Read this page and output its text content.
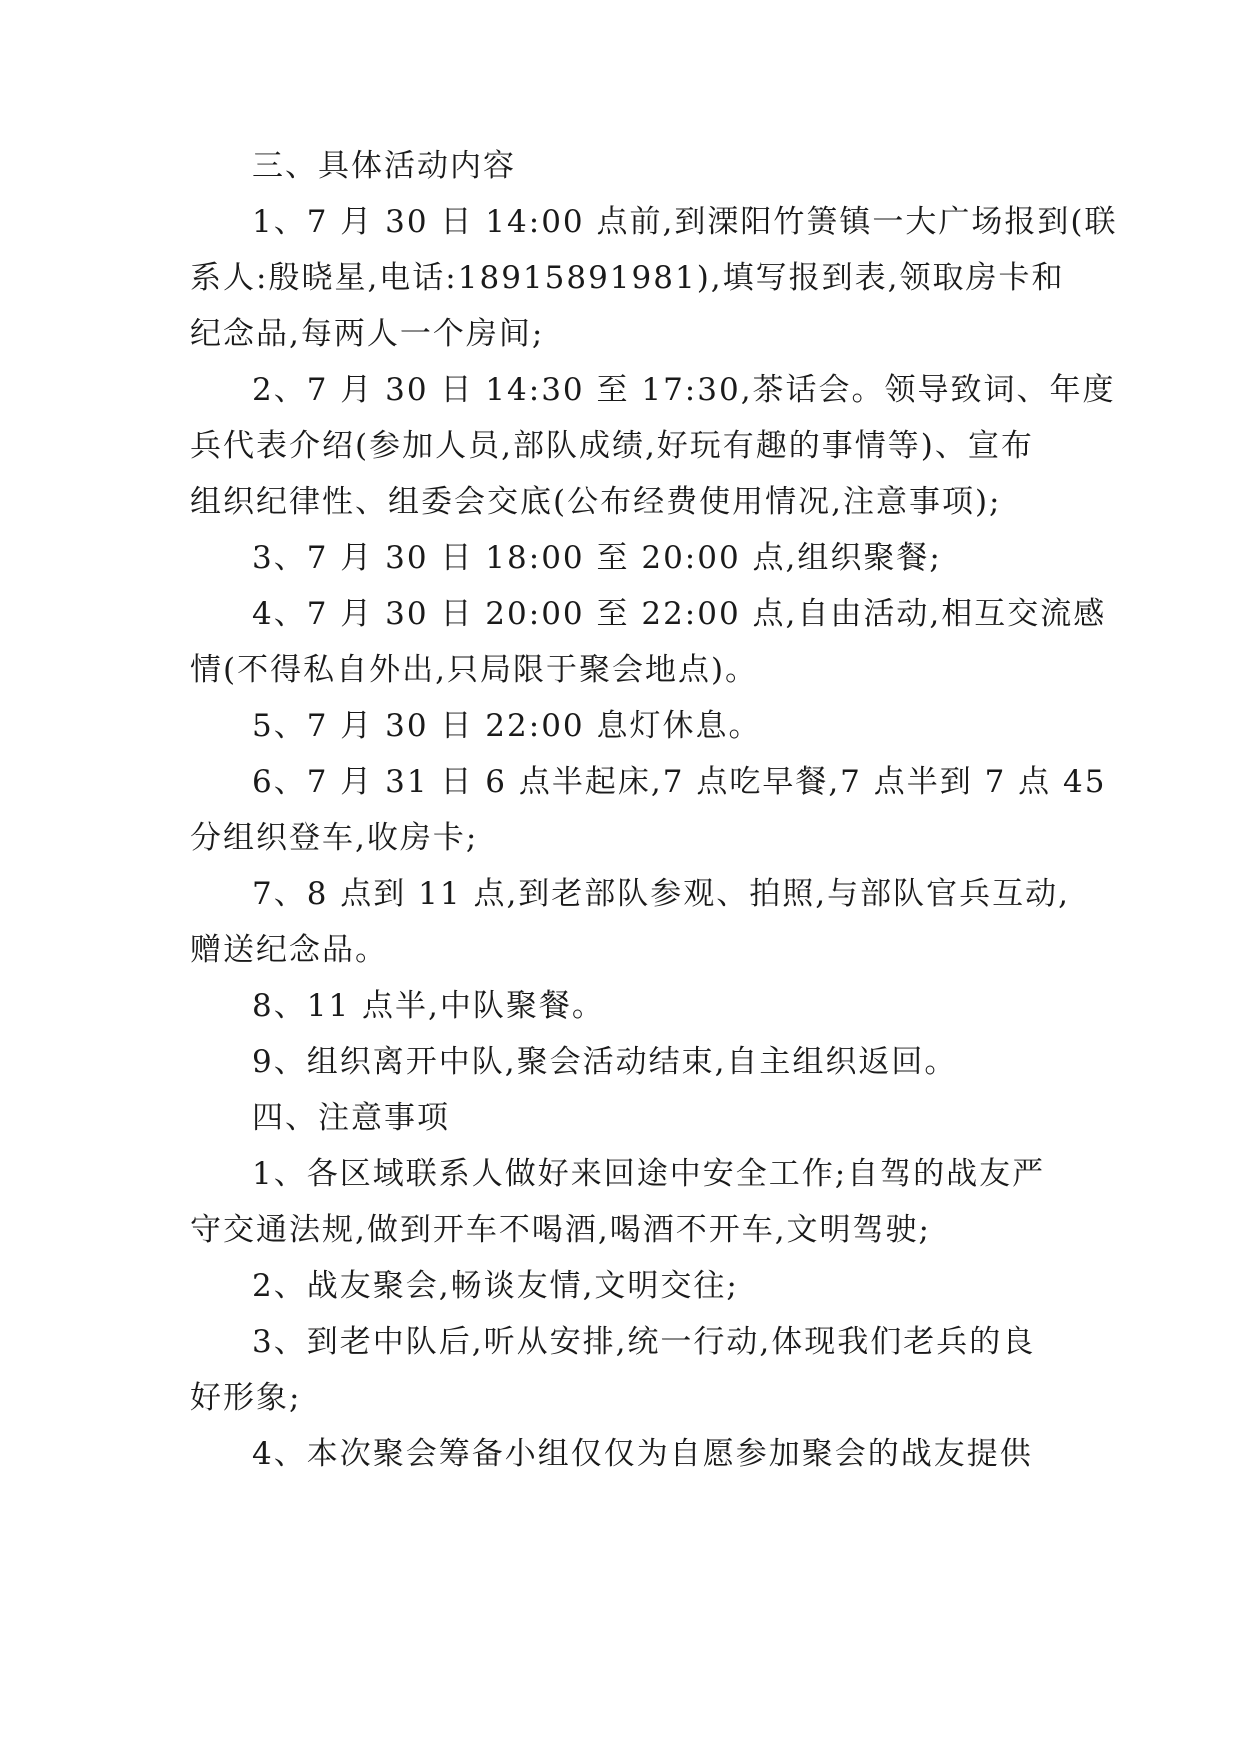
三、具体活动内容
1、7 月 30 日 14:00 点前,到溧阳竹箦镇一大广场报到(联
系人:殷晓星,电话:18915891981),填写报到表,领取房卡和
纪念品,每两人一个房间;
2、7 月 30 日 14:30 至 17:30,茶话会。领导致词、年度
兵代表介绍(参加人员,部队成绩,好玩有趣的事情等)、宣布
组织纪律性、组委会交底(公布经费使用情况,注意事项);
3、7 月 30 日 18:00 至 20:00 点,组织聚餐;
4、7 月 30 日 20:00 至 22:00 点,自由活动,相互交流感
情(不得私自外出,只局限于聚会地点)。
5、7 月 30 日 22:00 息灯休息。
6、7 月 31 日 6 点半起床,7 点吃早餐,7 点半到 7 点 45
分组织登车,收房卡;
7、8 点到 11 点,到老部队参观、拍照,与部队官兵互动,
赠送纪念品。
8、11 点半,中队聚餐。
9、组织离开中队,聚会活动结束,自主组织返回。
四、注意事项
1、各区域联系人做好来回途中安全工作;自驾的战友严
守交通法规,做到开车不喝酒,喝酒不开车,文明驾驶;
2、战友聚会,畅谈友情,文明交往;
3、到老中队后,听从安排,统一行动,体现我们老兵的良
好形象;
4、本次聚会筹备小组仅仅为自愿参加聚会的战友提供
